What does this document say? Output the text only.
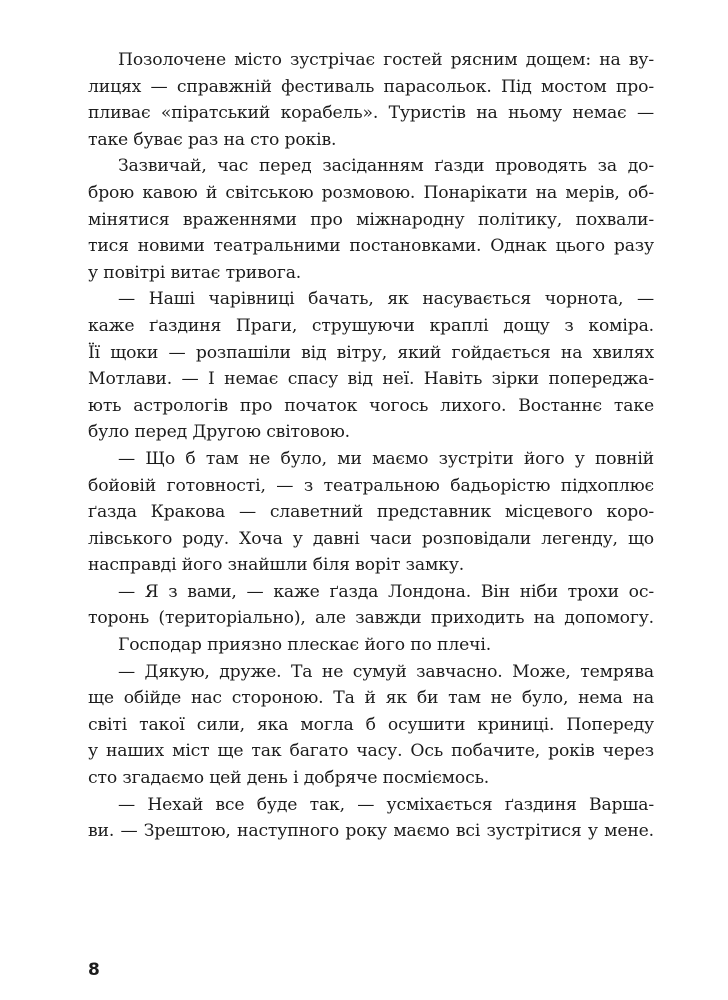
Позолочене місто зустрічає гостей рясним дощем: на ву-
лицях — справжній фестиваль парасольок. Під мостом про-
пливає «піратський корабель». Туристів на ньому немає —
таке буває раз на сто років.
Зазвичай, час перед засіданням ґазди проводять за до-
брою кавою й світською розмовою. Понарікати на мерів, об-
мінятися враженнями про міжнародну політику, похвали-
тися новими театральними постановками. Однак цього разу
у повітрі витає тривога.
— Наші чарівниці бачать, як насувається чорнота, —
каже ґаздиня Праги, струшуючи краплі дощу з коміра.
Її щоки — розпашіли від вітру, який гойдається на хвилях
Мотлави. — І немає спасу від неї. Навіть зірки попереджа-
ють астрологів про початок чогось лихого. Востаннє таке
було перед Другою світовою.
— Що б там не було, ми маємо зустріти його у повній
бойовій готовності, — з театральною бадьорістю підхоплює
ґазда Кракова — славетний представник місцевого коро-
лівського роду. Хоча у давні часи розповідали легенду, що
насправді його знайшли біля воріт замку.
— Я з вами, — каже ґазда Лондона. Він ніби трохи ос-
торонь (територіально), але завжди приходить на допомогу.
Господар приязно плескає його по плечі.
— Дякую, друже. Та не сумуй завчасно. Може, темрява
ще обійде нас стороною. Та й як би там не було, нема на
світі такої сили, яка могла б осушити криниці. Попереду
у наших міст ще так багато часу. Ось побачите, років через
сто згадаємо цей день і добряче посміємось.
— Нехай все буде так, — усміхається ґаздиня Варша-
ви. — Зрештою, наступного року маємо всі зустрітися у мене.
8
